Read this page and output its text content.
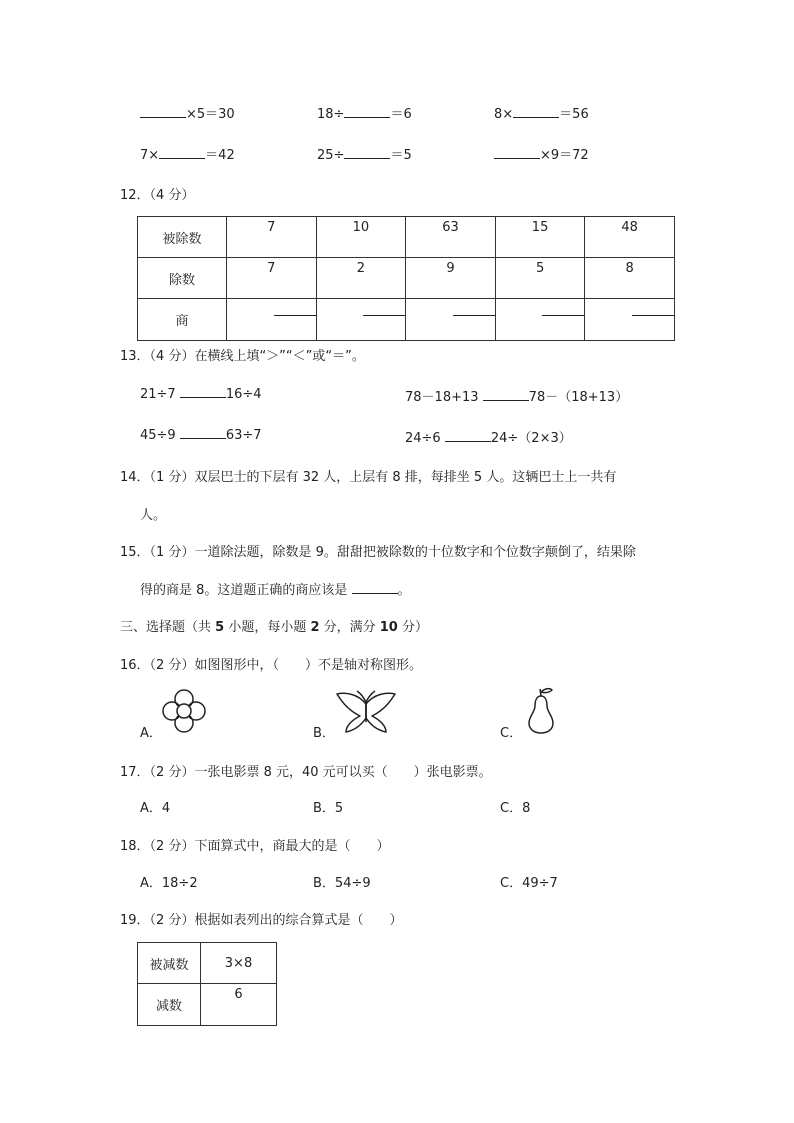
×5＝30	18÷	＝6	8×	＝56
7×	＝42	25÷	＝5	×9＝72
12．（4 分）
被除数	7	10	63	15	48

除数	7	2	9	5	8

商					
13．（4 分）在横线上填“＞”“＜”或“＝”。
21÷7	16÷4	78－18+13	78－（18+13）
45÷9	63÷7	24÷6	24÷（2×3）
14．（1 分）双层巴士的下层有 32 人，上层有 8 排，每排坐 5 人。这辆巴士上一共有
人。
15．（1 分）一道除法题，除数是 9。甜甜把被除数的十位数字和个位数字颠倒了，结果除
得的商是 8。这道题正确的商应该是	。
三、选择题（共 5 小题，每小题 2 分，满分 10 分）
16．（2 分）如图图形中，（　　）不是轴对称图形。
A．	B．	C．
17．（2 分）一张电影票 8 元，40 元可以买（　　）张电影票。
A．4	B．5	C．8
18．（2 分）下面算式中，商最大的是（　　）
A．18÷2	B．54÷9	C．49÷7
19．（2 分）根据如表列出的综合算式是（　　）
被减数	3×8
减数	6
